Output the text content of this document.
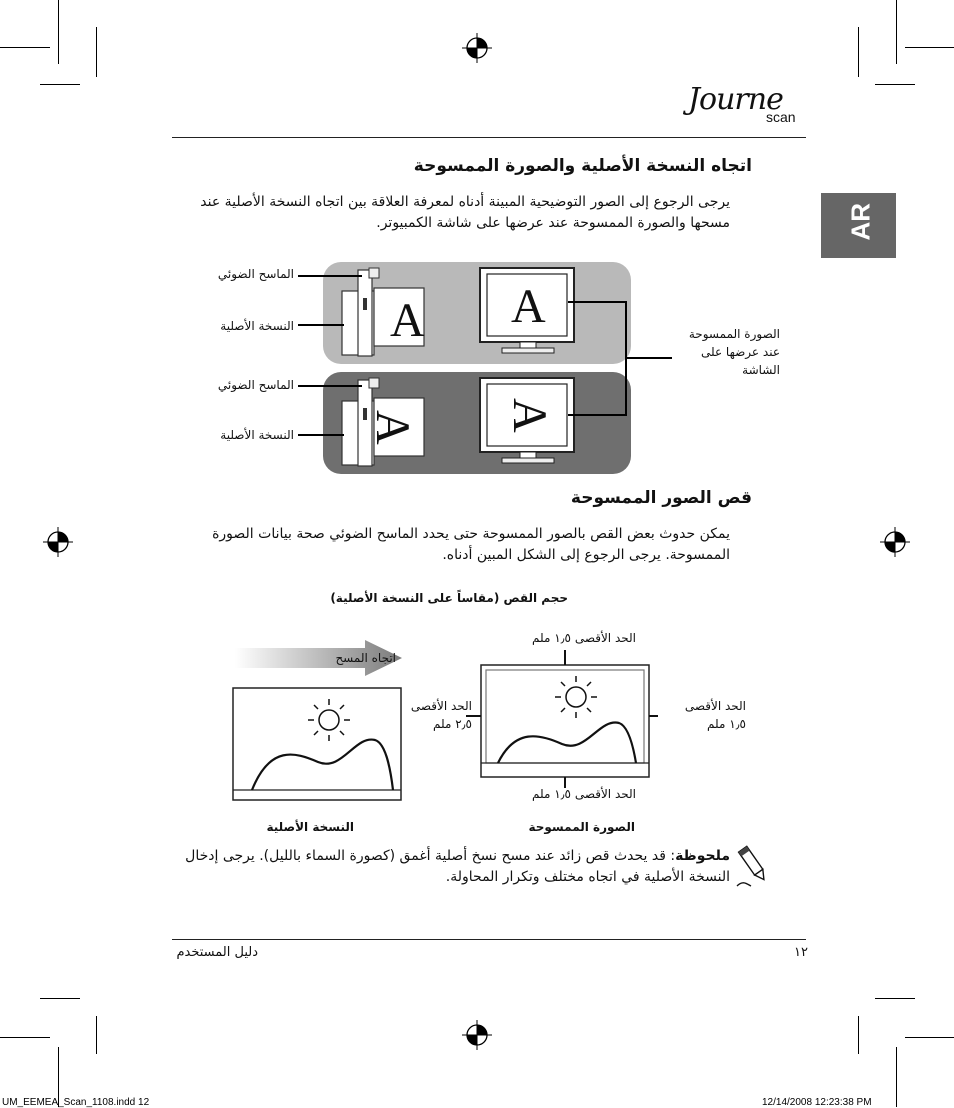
Journe
scan
AR
اتجاه النسخة الأصلية والصورة الممسوحة
يرجى الرجوع إلى الصور التوضيحية المبينة أدناه لمعرفة العلاقة بين اتجاه النسخة الأصلية عند
مسحها والصورة الممسوحة عند عرضها على شاشة الكمبيوتر.
A A
A A
الماسح الضوئي
النسخة الأصلية
الماسح الضوئي
النسخة الأصلية
الصورة الممسوحة
عند عرضها على
الشاشة
قص الصور الممسوحة
يمكن حدوث بعض القص بالصور الممسوحة حتى يحدد الماسح الضوئي صحة بيانات الصورة
الممسوحة. يرجى الرجوع إلى الشكل المبين أدناه.
حجم القص (مقاساً على النسخة الأصلية)
اتجاه المسح
الحد الأقصى ١٫٥ ملم
الحد الأقصى ١٫٥ ملم
الحد الأقصى
٢٫٥ ملم
الحد الأقصى
١٫٥ ملم
النسخة الأصلية	الصورة الممسوحة
ملحوظة: قد يحدث قص زائد عند مسح نسخ أصلية أغمق (كصورة السماء بالليل). يرجى إدخال
النسخة الأصلية في اتجاه مختلف وتكرار المحاولة.
دليل المستخدم	١٢
UM_EEMEA_Scan_1108.indd 12	12/14/2008 12:23:38 PM
